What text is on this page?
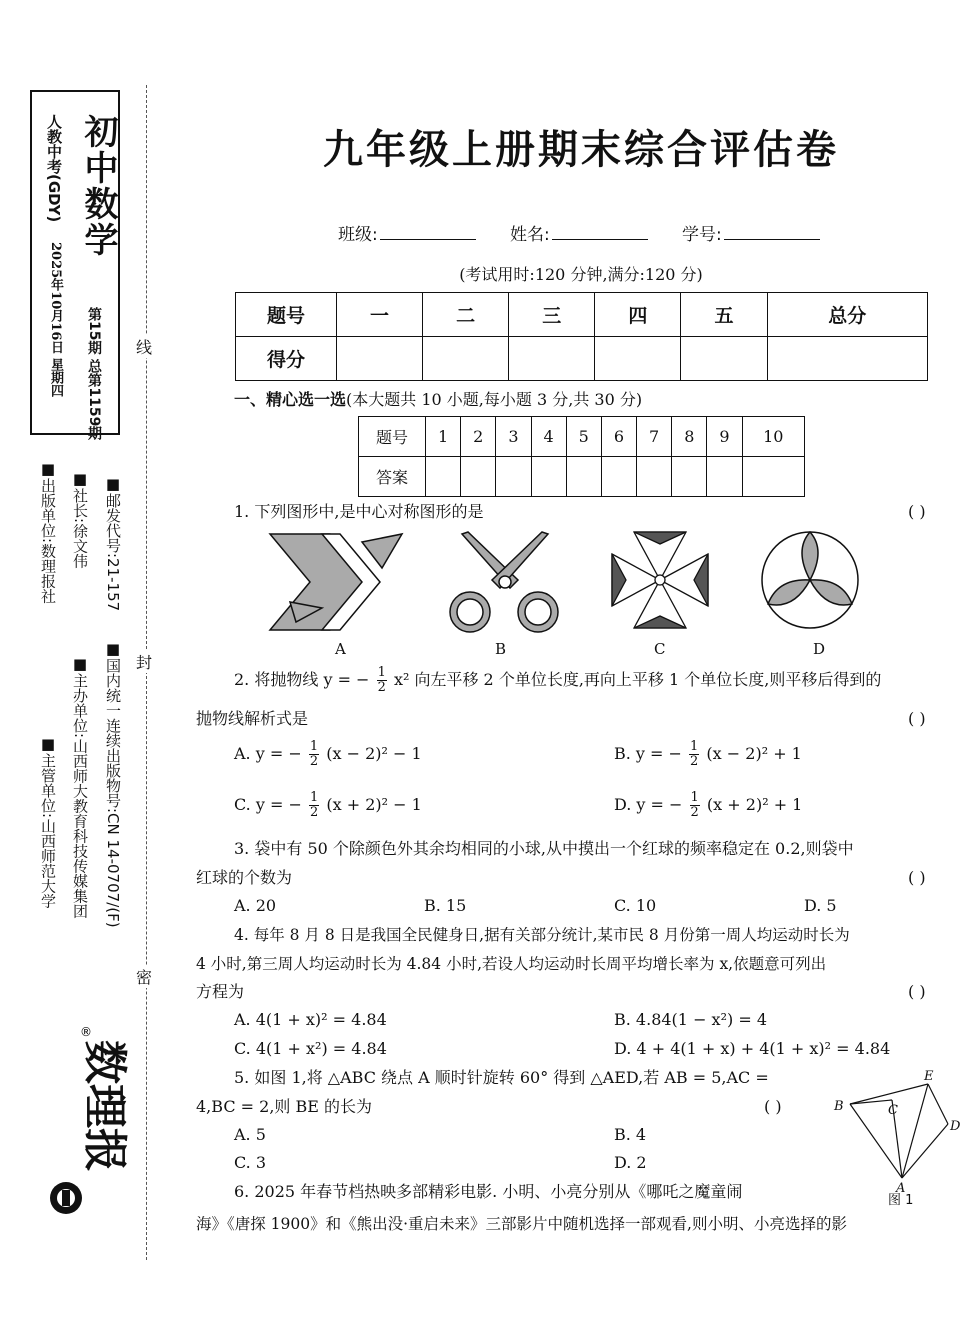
初中数学
第15期 总第1159期
人教中考(GDY)
2025年10月16日 星期四
■出版单位:数理报社 ■社长:徐文伟 ■邮发代号:21-157
■主管单位:山西师范大学 ■主办单位:山西师大教育科技传媒集团 ■国内统一连续出版物号:CN 14-0707/(F)
线
封
密
数理报
®
九年级上册期末综合评估卷
班级:	姓名:	学号:
(考试用时:120 分钟,满分:120 分)
题号	一	二	三	四	五	总分
得分						
一、精心选一选(本大题共 10 小题,每小题 3 分,共 30 分)
题号	1	2	3	4	5	6	7	8	9	10
答案										
1. 下列图形中,是中心对称图形的是	( )
A	B	C	D
2. 将抛物线 y = − $\frac{1}{2} x^2$ 向左平移 2 个单位长度,再向上平移 1 个单位长度,则平移后得到的
抛物线解析式是	( )
A. y = − $\frac{1}{2} (x - 2)^2 - 1$	B. y = − $\frac{1}{2} (x - 2)^2 + 1$
C. y = − $\frac{1}{2} (x + 2)^2 - 1$	D. y = − $\frac{1}{2} (x + 2)^2 + 1$
3. 袋中有 50 个除颜色外其余均相同的小球,从中摸出一个红球的频率稳定在 0.2,则袋中
红球的个数为	( )
A. 20	B. 15	C. 10	D. 5
4. 每年 8 月 8 日是我国全民健身日,据有关部分统计,某市民 8 月份第一周人均运动时长为
4 小时,第三周人均运动时长为 4.84 小时,若设人均运动时长周平均增长率为 x,依题意可列出
方程为	( )
A. 4(1 + x)² = 4.84	B. 4.84(1 − x²) = 4
C. 4(1 + x²) = 4.84	D. 4 + 4(1 + x) + 4(1 + x)² = 4.84
5. 如图 1,将 △ABC 绕点 A 顺时针旋转 60° 得到 △AED,若 AB = 5,AC =
4,BC = 2,则 BE 的长为	( )
A. 5	B. 4
C. 3	D. 2
B	C
E
D
A
图 1
6. 2025 年春节档热映多部精彩电影. 小明、小亮分别从《哪吒之魔童闹
海》《唐探 1900》和《熊出没·重启未来》三部影片中随机选择一部观看,则小明、小亮选择的影
